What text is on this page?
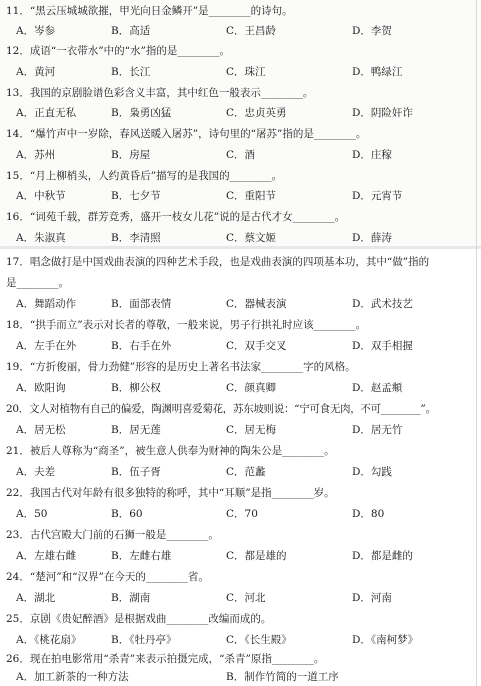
11．“黑云压城城欲摧，甲光向日金鳞开”是________的诗句。
A．岑参	B．高适	C．王昌龄	D．李贺
12．成语“一衣带水”中的“水”指的是________。
A．黄河	B．长江	C．珠江	D．鸭绿江
13．我国的京剧脸谱色彩含义丰富，其中红色一般表示________。
A．正直无私	B．枭勇凶猛	C．忠贞英勇	D．阴险奸诈
14．“爆竹声中一岁除，春风送暖入屠苏”，诗句里的“屠苏”指的是________。
A．苏州	B．房屋	C．酒	D．庄稼
15．“月上柳梢头，人约黄昏后”描写的是我国的________。
A．中秋节	B．七夕节	C．重阳节	D．元宵节
16．“词苑千载，群芳竞秀，盛开一枝女儿花”说的是古代才女________。
A．朱淑真	B．李清照	C．蔡文姬	D．薛涛
17．唱念做打是中国戏曲表演的四种艺术手段，也是戏曲表演的四项基本功，其中“做”指的
是________。
A．舞蹈动作	B．面部表情	C．器械表演	D．武术技艺
18．“拱手而立”表示对长者的尊敬，一般来说，男子行拱礼时应该________。
A．左手在外	B．右手在外	C．双手交叉	D．双手相握
19．“方折俊丽，骨力劲健”形容的是历史上著名书法家________字的风格。
A．欧阳询	B．柳公权	C．颜真卿	D．赵孟頫
20．文人对植物有自己的偏爱，陶渊明喜爱菊花，苏东坡则说：“宁可食无肉，不可________”。
A．居无松	B．居无莲	C．居无梅	D．居无竹
21．被后人尊称为“商圣”，被生意人供奉为财神的陶朱公是________。
A．夫差	B．伍子胥	C．范蠡	D．勾践
22．我国古代对年龄有很多独特的称呼，其中“耳顺”是指________岁。
A．50	B．60	C．70	D．80
23．古代宫殿大门前的石狮一般是________。
A．左雄右雌	B．左雌右雄	C．都是雄的	D．都是雌的
24．“楚河”和“汉界”在今天的________省。
A．湖北	B．湖南	C．河北	D．河南
25．京剧《贵妃醉酒》是根据戏曲________改编而成的。
A．《桃花扇》	B．《牡丹亭》	C．《长生殿》	D．《南柯梦》
26．现在拍电影常用“杀青”来表示拍摄完成，“杀青”原指________。
A．加工新茶的一种方法	B．制作竹简的一道工序
